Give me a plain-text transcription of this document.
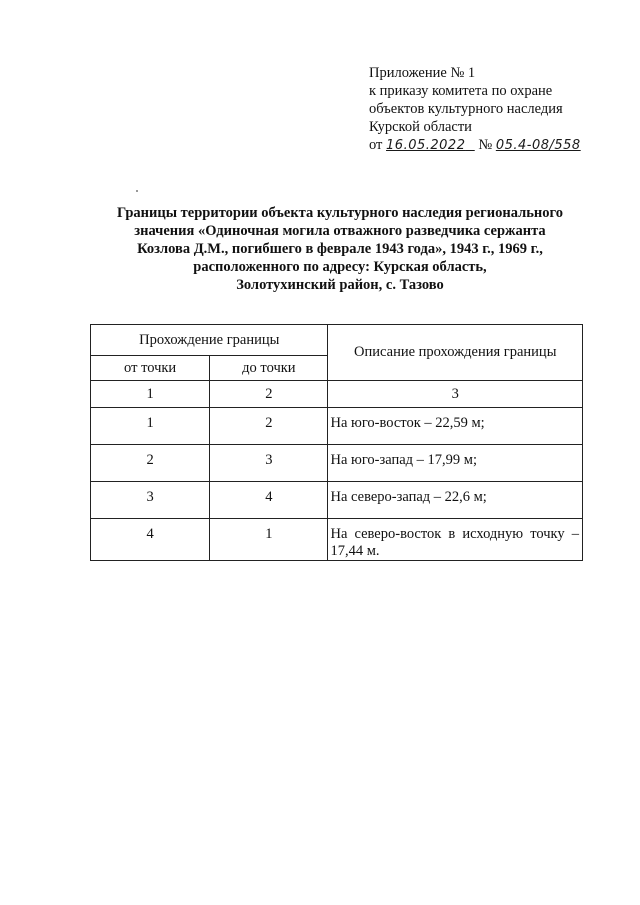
Приложение № 1
к приказу комитета по охране
объектов культурного наследия
Курской области
от 16.05.2022 № 05.4-08/558
Границы территории объекта культурного наследия регионального
значения «Одиночная могила отважного разведчика сержанта
Козлова Д.М., погибшего в феврале 1943 года», 1943 г., 1969 г.,
расположенного по адресу: Курская область,
Золотухинский район, с. Тазово
Прохождение границы		Описание прохождения границы
от точки	до точки	
1	2	3
1	2	На юго-восток – 22,59 м;
2	3	На юго-запад – 17,99 м;
3	4	На северо-запад – 22,6 м;
4	1	На северо-восток в исходную точку – 17,44 м.
